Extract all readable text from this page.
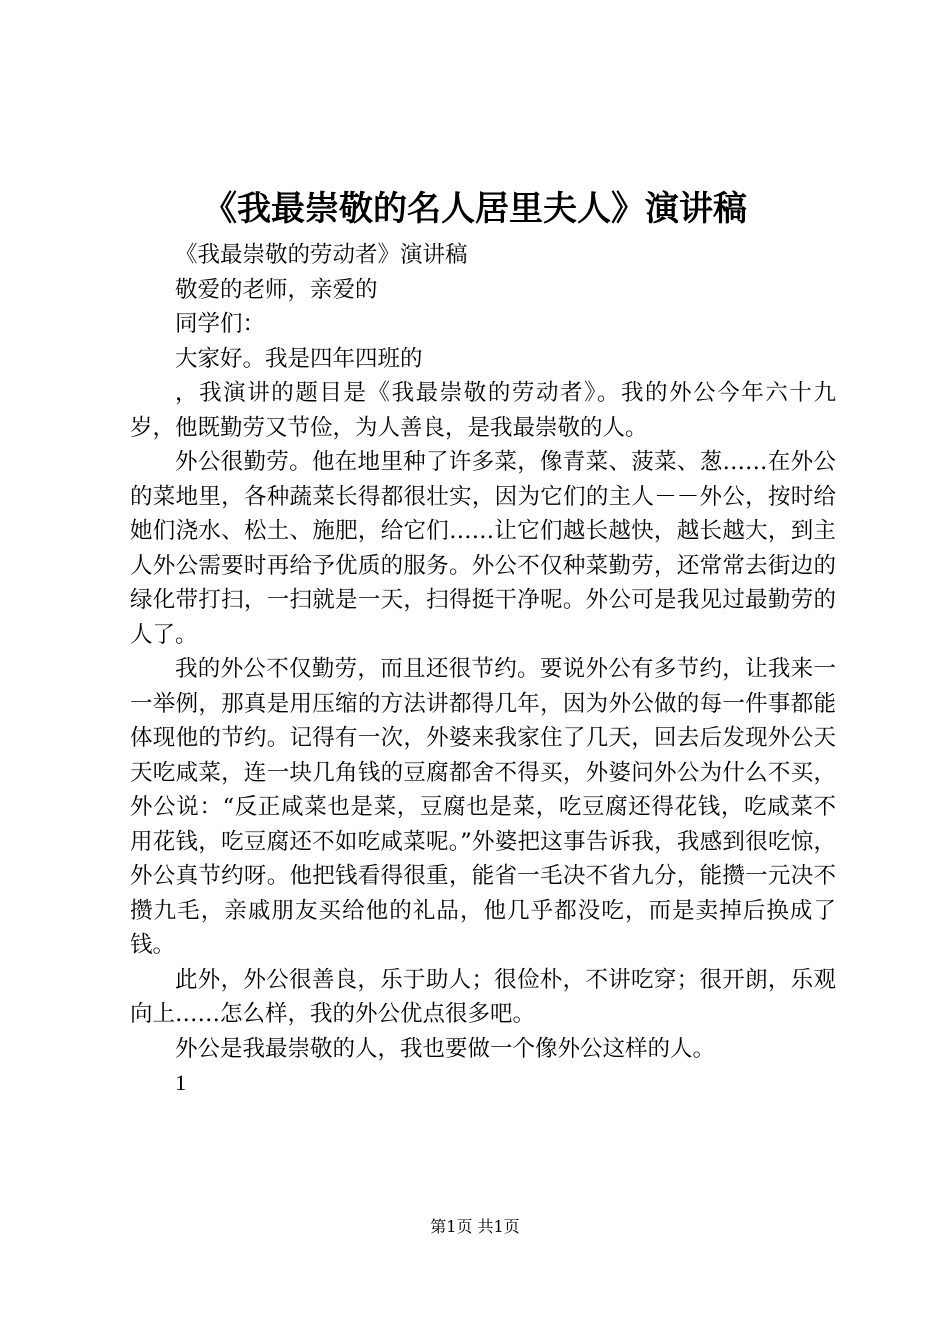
《我最崇敬的名人居里夫人》演讲稿

《我最崇敬的劳动者》演讲稿

敬爱的老师，亲爱的

同学们：

大家好。我是四年四班的

，我演讲的题目是《我最崇敬的劳动者》。我的外公今年六十九岁，他既勤劳又节俭，为人善良，是我最崇敬的人。

外公很勤劳。他在地里种了许多菜，像青菜、菠菜、葱……在外公的菜地里，各种蔬菜长得都很壮实，因为它们的主人－－外公，按时给她们浇水、松土、施肥，给它们……让它们越长越快，越长越大，到主人外公需要时再给予优质的服务。外公不仅种菜勤劳，还常常去街边的绿化带打扫，一扫就是一天，扫得挺干净呢。外公可是我见过最勤劳的人了。

我的外公不仅勤劳，而且还很节约。要说外公有多节约，让我来一一举例，那真是用压缩的方法讲都得几年，因为外公做的每一件事都能体现他的节约。记得有一次，外婆来我家住了几天，回去后发现外公天天吃咸菜，连一块几角钱的豆腐都舍不得买，外婆问外公为什么不买，外公说：“反正咸菜也是菜，豆腐也是菜，吃豆腐还得花钱，吃咸菜不用花钱，吃豆腐还不如吃咸菜呢。”外婆把这事告诉我，我感到很吃惊，外公真节约呀。他把钱看得很重，能省一毛决不省九分，能攒一元决不攒九毛，亲戚朋友买给他的礼品，他几乎都没吃，而是卖掉后换成了钱。

此外，外公很善良，乐于助人；很俭朴，不讲吃穿；很开朗，乐观向上……怎么样，我的外公优点很多吧。

外公是我最崇敬的人，我也要做一个像外公这样的人。

1

第1页 共1页
